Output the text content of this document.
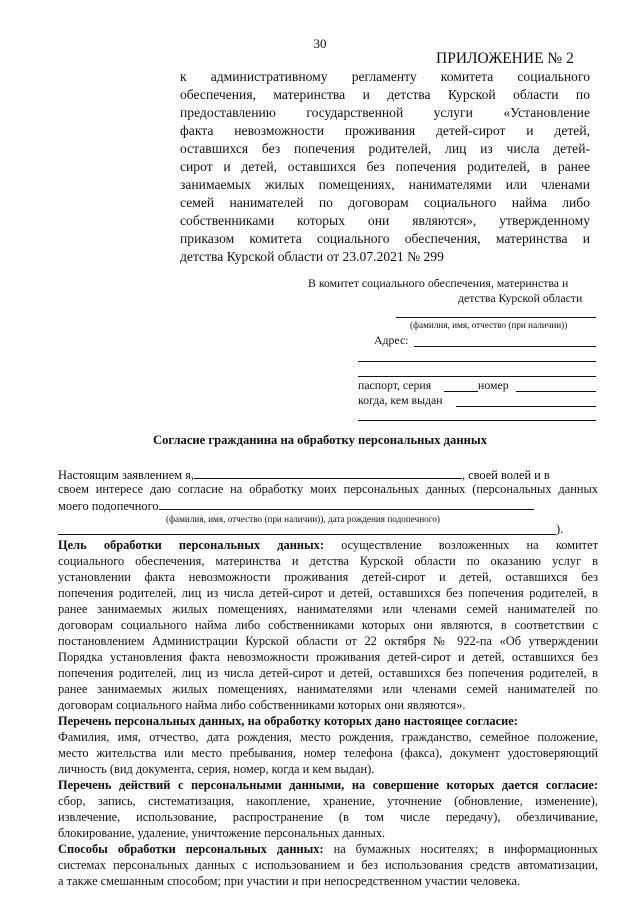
30
ПРИЛОЖЕНИЕ № 2
к административному регламенту комитета социального
обеспечения, материнства и детства Курской области по
предоставлению государственной услуги «Установление
факта невозможности проживания детей-сирот и детей,
оставшихся без попечения родителей, лиц из числа детей-
сирот и детей, оставшихся без попечения родителей, в ранее
занимаемых жилых помещениях, нанимателями или членами
семей нанимателей по договорам социального найма либо
собственниками которых они являются», утвержденному
приказом комитета социального обеспечения, материнства и
детства Курской области от 23.07.2021 № 299
В комитет социального обеспечения, материнства и
детства Курской области
(фамилия, имя, отчество (при наличии))
Адрес:
паспорт, серия	номер
когда, кем выдан
Согласие гражданина на обработку персональных данных
Настоящим заявлением я,	, своей волей и в
своем интересе даю согласие на обработку моих персональных данных (персональных данных
моего подопечного
(фамилия, имя, отчество (при наличии)), дата рождения подопечного)
).
Цель обработки персональных данных: осуществление возложенных на комитет
социального обеспечения, материнства и детства Курской области по оказанию услуг в
установлении факта невозможности проживания детей-сирот и детей, оставшихся без
попечения родителей, лиц из числа детей-сирот и детей, оставшихся без попечения родителей, в
ранее занимаемых жилых помещениях, нанимателями или членами семей нанимателей по
договорам социального найма либо собственниками которых они являются, в соответствии с
постановлением Администрации Курской области от 22 октября № 922-па «Об утверждении
Порядка установления факта невозможности проживания детей-сирот и детей, оставшихся без
попечения родителей, лиц из числа детей-сирот и детей, оставшихся без попечения родителей, в
ранее занимаемых жилых помещениях, нанимателями или членами семей нанимателей по
договорам социального найма либо собственниками которых они являются».
Перечень персональных данных, на обработку которых дано настоящее согласие:
Фамилия, имя, отчество, дата рождения, место рождения, гражданство, семейное положение,
место жительства или место пребывания, номер телефона (факса), документ удостоверяющий
личность (вид документа, серия, номер, когда и кем выдан).
Перечень действий с персональными данными, на совершение которых дается согласие:
сбор, запись, систематизация, накопление, хранение, уточнение (обновление, изменение),
извлечение, использование, распространение (в том числе передачу), обезличивание,
блокирование, удаление, уничтожение персональных данных.
Способы обработки персональных данных: на бумажных носителях; в информационных
системах персональных данных с использованием и без использования средств автоматизации,
а также смешанным способом; при участии и при непосредственном участии человека.
